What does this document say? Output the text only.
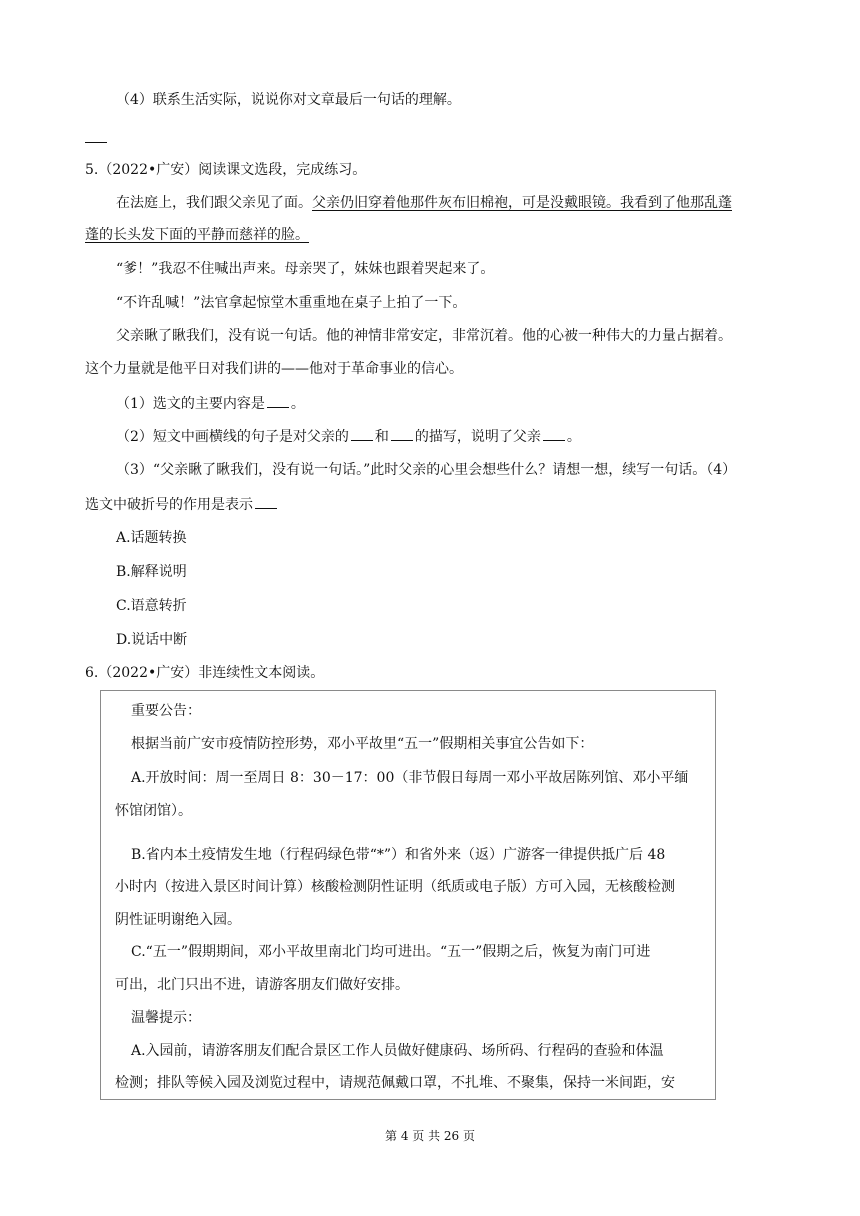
（4）联系生活实际，说说你对文章最后一句话的理解。
5.（2022•广安）阅读课文选段，完成练习。
在法庭上，我们跟父亲见了面。父亲仍旧穿着他那件灰布旧棉袍，可是没戴眼镜。我看到了他那乱蓬
蓬的长头发下面的平静而慈祥的脸。
“爹！”我忍不住喊出声来。母亲哭了，妹妹也跟着哭起来了。
“不许乱喊！”法官拿起惊堂木重重地在桌子上拍了一下。
父亲瞅了瞅我们，没有说一句话。他的神情非常安定，非常沉着。他的心被一种伟大的力量占据着。
这个力量就是他平日对我们讲的——他对于革命事业的信心。
（1）选文的主要内容是 。
（2）短文中画横线的句子是对父亲的 和 的描写，说明了父亲 。
（3）“父亲瞅了瞅我们，没有说一句话。”此时父亲的心里会想些什么？请想一想，续写一句话。（4）
选文中破折号的作用是表示
A.话题转换
B.解释说明
C.语意转折
D.说话中断
6.（2022•广安）非连续性文本阅读。
重要公告：
根据当前广安市疫情防控形势，邓小平故里“五一”假期相关事宜公告如下：
A.开放时间：周一至周日 8：30－17：00（非节假日每周一邓小平故居陈列馆、邓小平缅
怀馆闭馆）。
B.省内本土疫情发生地（行程码绿色带“*”）和省外来（返）广游客一律提供抵广后 48
小时内（按进入景区时间计算）核酸检测阴性证明（纸质或电子版）方可入园，无核酸检测
阴性证明谢绝入园。
C.“五一”假期期间，邓小平故里南北门均可进出。“五一”假期之后，恢复为南门可进
可出，北门只出不进，请游客朋友们做好安排。
温馨提示：
A.入园前，请游客朋友们配合景区工作人员做好健康码、场所码、行程码的查验和体温
检测；排队等候入园及浏览过程中，请规范佩戴口罩，不扎堆、不聚集，保持一米间距，安
第 4 页 共 26 页
